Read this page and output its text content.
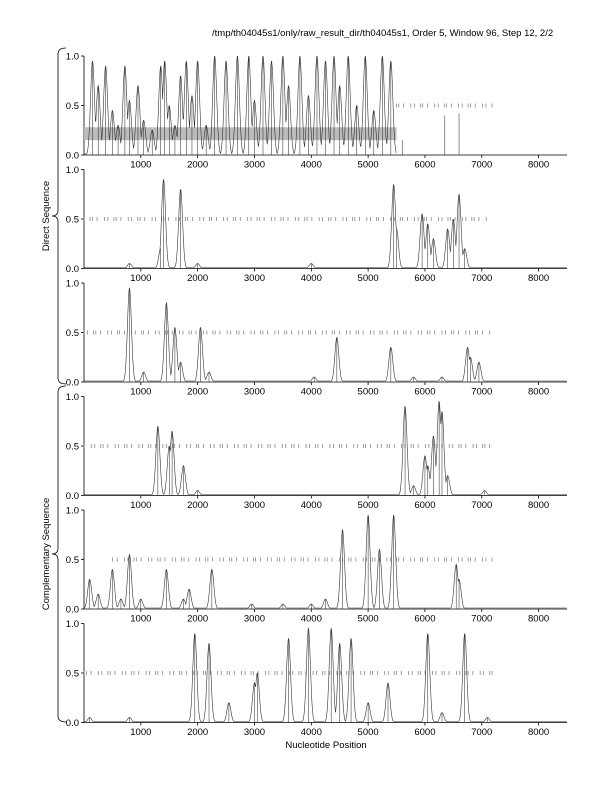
/tmp/th04045s1/only/raw_result_dir/th04045s1, Order 5, Window 96, Step 12, 2/2
Direct Sequence
Complementary Sequence
0.0
0.5
1.0
1000	2000	3000	4000	5000	6000	7000	8000
0.0
0.5
1.0
1000	2000	3000	4000	5000	6000	7000	8000
0.0
0.5
1.0
1000	2000	3000	4000	5000	6000	7000	8000
0.0
0.5
1.0
1000	2000	3000	4000	5000	6000	7000	8000
0.0
0.5
1.0
1000	2000	3000	4000	5000	6000	7000	8000
0.0
0.5
1.0
1000	2000	3000	4000	5000	6000	7000	8000
Nucleotide Position
